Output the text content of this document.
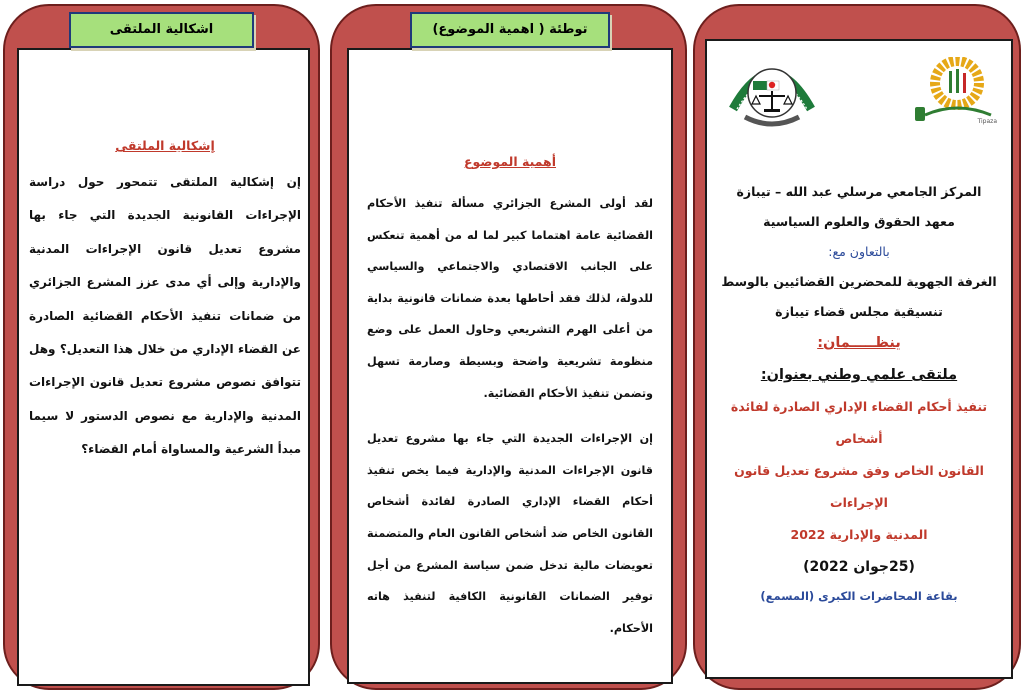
إشكالية الملتقى
إن إشكالية الملتقى تتمحور حول دراسة الإجراءات القانونية الجديدة التي جاء بها مشروع تعديل قانون الإجراءات المدنية والإدارية وإلى أي مدى عزز المشرع الجزائري من ضمانات تنفيذ الأحكام القضائية الصادرة عن القضاء الإداري من خلال هذا التعديل؟ وهل تتوافق نصوص مشروع تعديل قانون الإجراءات المدنية والإدارية مع نصوص الدستور لا سيما مبدأ الشرعية والمساواة أمام القضاء؟
اشكالية الملتقى
أهمية الموضوع

لقد أولى المشرع الجزائري مسألة تنفيذ الأحكام القضائية عامة اهتماما كبير لما له من أهمية تنعكس على الجانب الاقتصادي والاجتماعي والسياسي للدولة، لذلك فقد أحاطها بعدة ضمانات قانونية بداية من أعلى الهرم التشريعي وحاول العمل على وضع منظومة تشريعية واضحة وبسيطة وصارمة تسهل وتضمن تنفيذ الأحكام القضائية.

إن الإجراءات الجديدة التي جاء بها مشروع تعديل قانون الإجراءات المدنية والإدارية فيما يخص تنفيذ أحكام القضاء الإداري الصادرة لفائدة أشخاص القانون الخاص ضد أشخاص القانون العام والمتضمنة تعويضات مالية تدخل ضمن سياسة المشرع من أجل توفير الضمانات القانونية الكافية لتنفيذ هاته الأحكام.

توطئة ( اهمية الموضوع)
Tipaza
المركز الجامعي مرسلي عبد الله – تيبازة
معهد الحقوق والعلوم السياسية
بالتعاون مع:
الغرفة الجهوية للمحضرين القضائيين بالوسط
تنسيقية مجلس قضاء تيبازة
ينظـــــمان:
ملتقى علمي وطني بعنوان:
تنفيذ أحكام القضاء الإداري الصادرة لفائدة أشخاص
القانون الخاص وفق مشروع تعديل قانون الإجراءات
المدنية والإدارية 2022
(25جوان 2022)
بقاعة المحاضرات الكبرى (المسمع)
